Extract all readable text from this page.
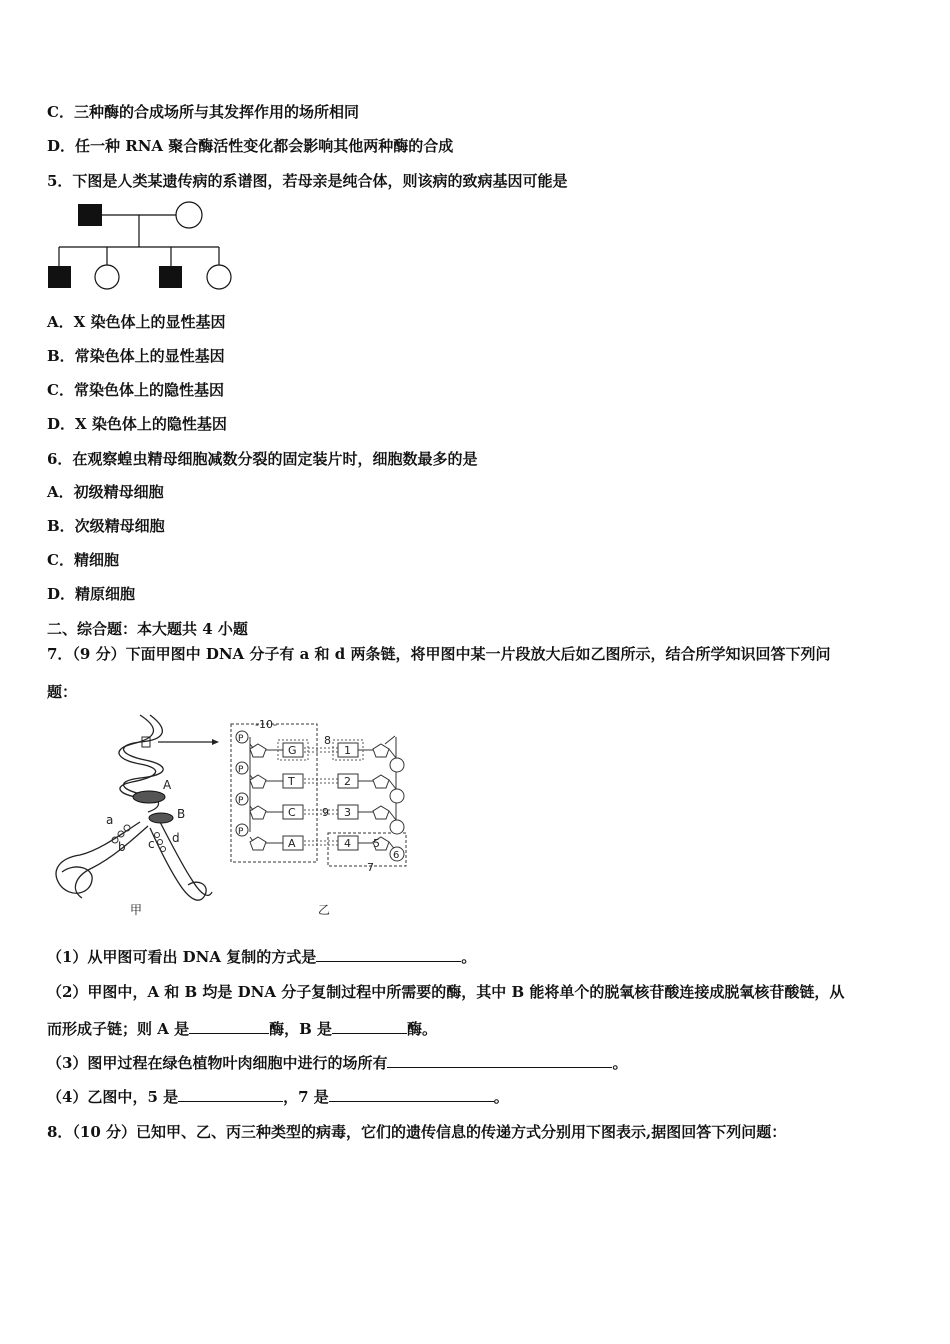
C．三种酶的合成场所与其发挥作用的场所相同
D．任一种 RNA 聚合酶活性变化都会影响其他两种酶的合成
5．下图是人类某遗传病的系谱图，若母亲是纯合体，则该病的致病基因可能是
A．X 染色体上的显性基因
B．常染色体上的显性基因
C．常染色体上的隐性基因
D．X 染色体上的隐性基因
6．在观察蝗虫精母细胞减数分裂的固定装片时，细胞数最多的是
A．初级精母细胞
B．次级精母细胞
C．精细胞
D．精原细胞
二、综合题：本大题共 4 小题
7．（9 分）下面甲图中 DNA 分子有 a 和 d 两条链，将甲图中某一片段放大后如乙图所示，结合所学知识回答下列问
题：
A
B
a
b c d
甲
P
G	1
P
T	2
P
C	3
P
A	4
-10-
8
9
5
6
7
乙
（1）从甲图可看出 DNA 复制的方式是	。
（2）甲图中，A 和 B 均是 DNA 分子复制过程中所需要的酶，其中 B 能将单个的脱氧核苷酸连接成脱氧核苷酸链，从
而形成子链；则 A 是	酶，B 是	酶。
（3）图甲过程在绿色植物叶肉细胞中进行的场所有	。
（4）乙图中，5 是	，7 是	。
8．（10 分）已知甲、乙、丙三种类型的病毒，它们的遗传信息的传递方式分别用下图表示,据图回答下列问题：
